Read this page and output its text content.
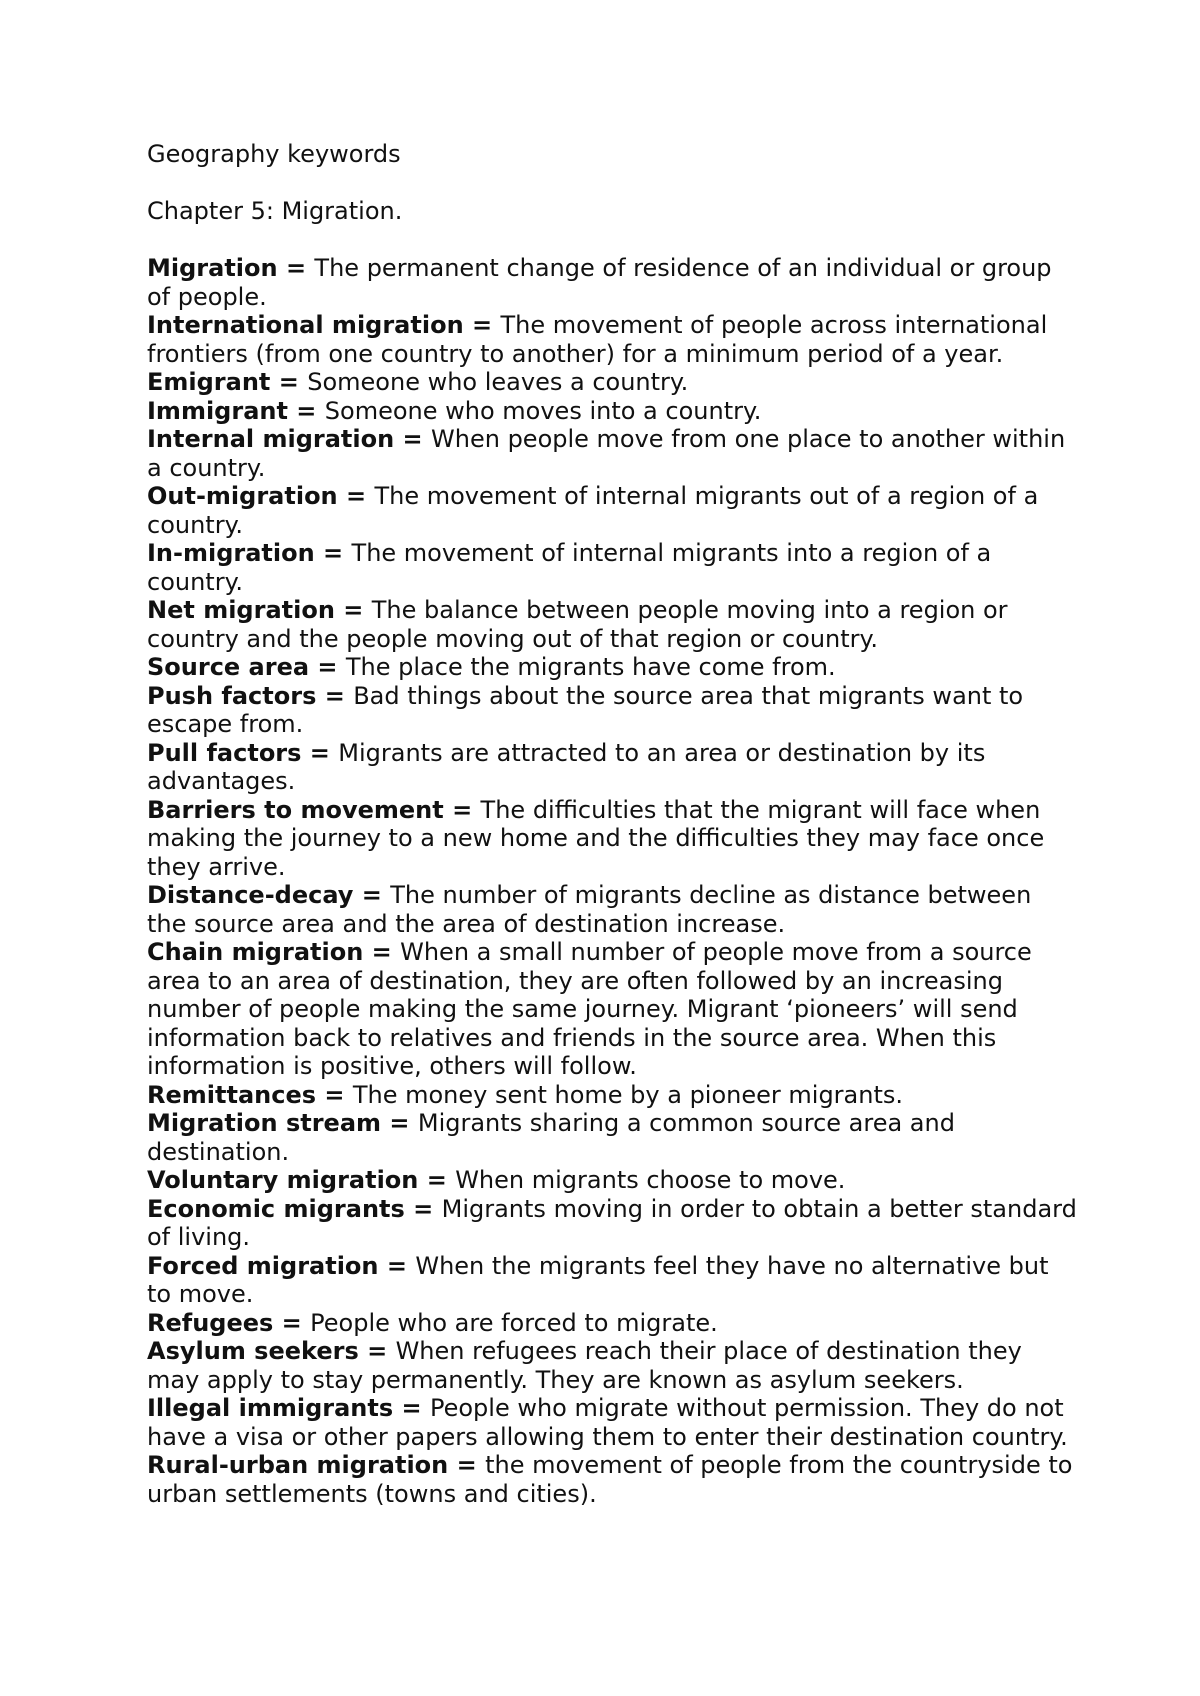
Geography keywords

Chapter 5: Migration.

Migration = The permanent change of residence of an individual or group of people.

International migration = The movement of people across international frontiers (from one country to another) for a minimum period of a year.

Emigrant = Someone who leaves a country.

Immigrant = Someone who moves into a country.

Internal migration = When people move from one place to another within a country.

Out-migration = The movement of internal migrants out of a region of a country.

In-migration = The movement of internal migrants into a region of a country.

Net migration = The balance between people moving into a region or country and the people moving out of that region or country.

Source area = The place the migrants have come from.

Push factors = Bad things about the source area that migrants want to escape from.

Pull factors = Migrants are attracted to an area or destination by its advantages.

Barriers to movement = The difficulties that the migrant will face when making the journey to a new home and the difficulties they may face once they arrive.

Distance-decay = The number of migrants decline as distance between the source area and the area of destination increase.

Chain migration = When a small number of people move from a source area to an area of destination, they are often followed by an increasing number of people making the same journey. Migrant ‘pioneers’ will send information back to relatives and friends in the source area. When this information is positive, others will follow.

Remittances = The money sent home by a pioneer migrants.

Migration stream = Migrants sharing a common source area and destination.

Voluntary migration = When migrants choose to move.

Economic migrants = Migrants moving in order to obtain a better standard of living.

Forced migration = When the migrants feel they have no alternative but to move.

Refugees = People who are forced to migrate.

Asylum seekers = When refugees reach their place of destination they may apply to stay permanently. They are known as asylum seekers.

Illegal immigrants = People who migrate without permission. They do not have a visa or other papers allowing them to enter their destination country.

Rural-urban migration = the movement of people from the countryside to urban settlements (towns and cities).
